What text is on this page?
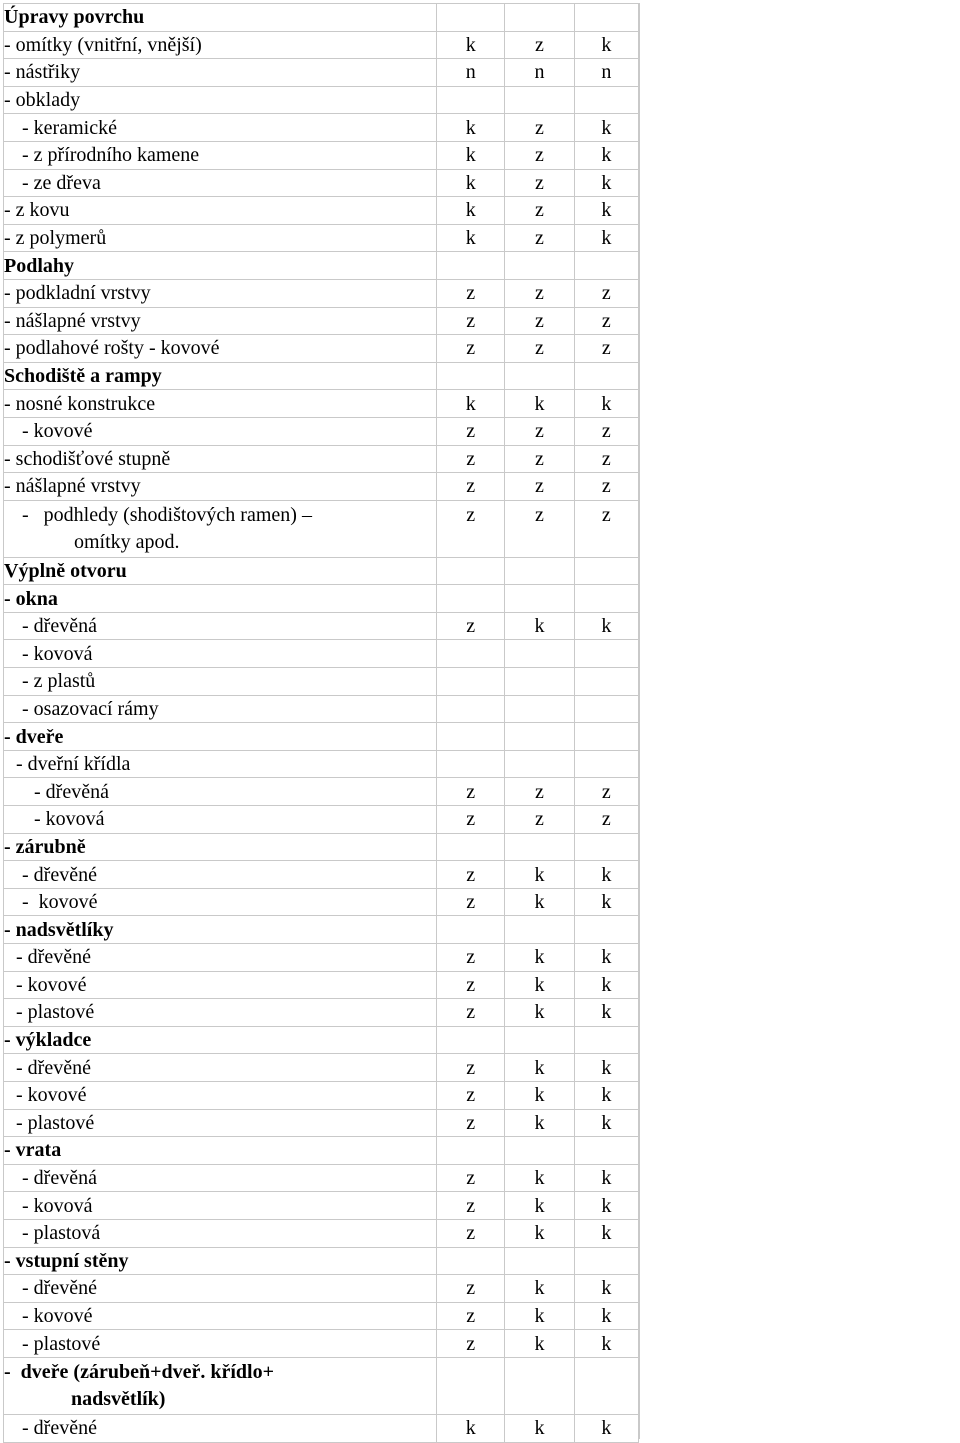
Úpravy povrchu			

- omítky (vnitřní, vnější)	k	z	k

- nástřiky	n	n	n

- obklady			

- keramické	k	z	k

- z přírodního kamene	k	z	k

- ze dřeva	k	z	k

- z kovu	k	z	k

- z polymerů	k	z	k

Podlahy			

- podkladní vrstvy	z	z	z

- nášlapné vrstvy	z	z	z

- podlahové rošty - kovové	z	z	z

Schodiště a rampy			

- nosné konstrukce	k	k	k

- kovové	z	z	z

- schodišťové stupně	z	z	z

- nášlapné vrstvy	z	z	z

-   podhledy (shodištových ramen) –
omítky apod.	z	z	z

Výplně otvoru			

- okna			

- dřevěná	z	k	k

- kovová			

- z plastů			

- osazovací rámy			

- dveře			

- dveřní křídla			

- dřevěná	z	z	z

- kovová	z	z	z

- zárubně			

- dřevěné	z	k	k

-  kovové	z	k	k

- nadsvětlíky			

- dřevěné	z	k	k

- kovové	z	k	k

- plastové	z	k	k

- výkladce			

- dřevěné	z	k	k

- kovové	z	k	k

- plastové	z	k	k

- vrata			

- dřevěná	z	k	k

- kovová	z	k	k

- plastová	z	k	k

- vstupní stěny			

- dřevěné	z	k	k

- kovové	z	k	k

- plastové	z	k	k

-  dveře (zárubeň+dveř. křídlo+
nadsvětlík)			

- dřevěné	k	k	k
